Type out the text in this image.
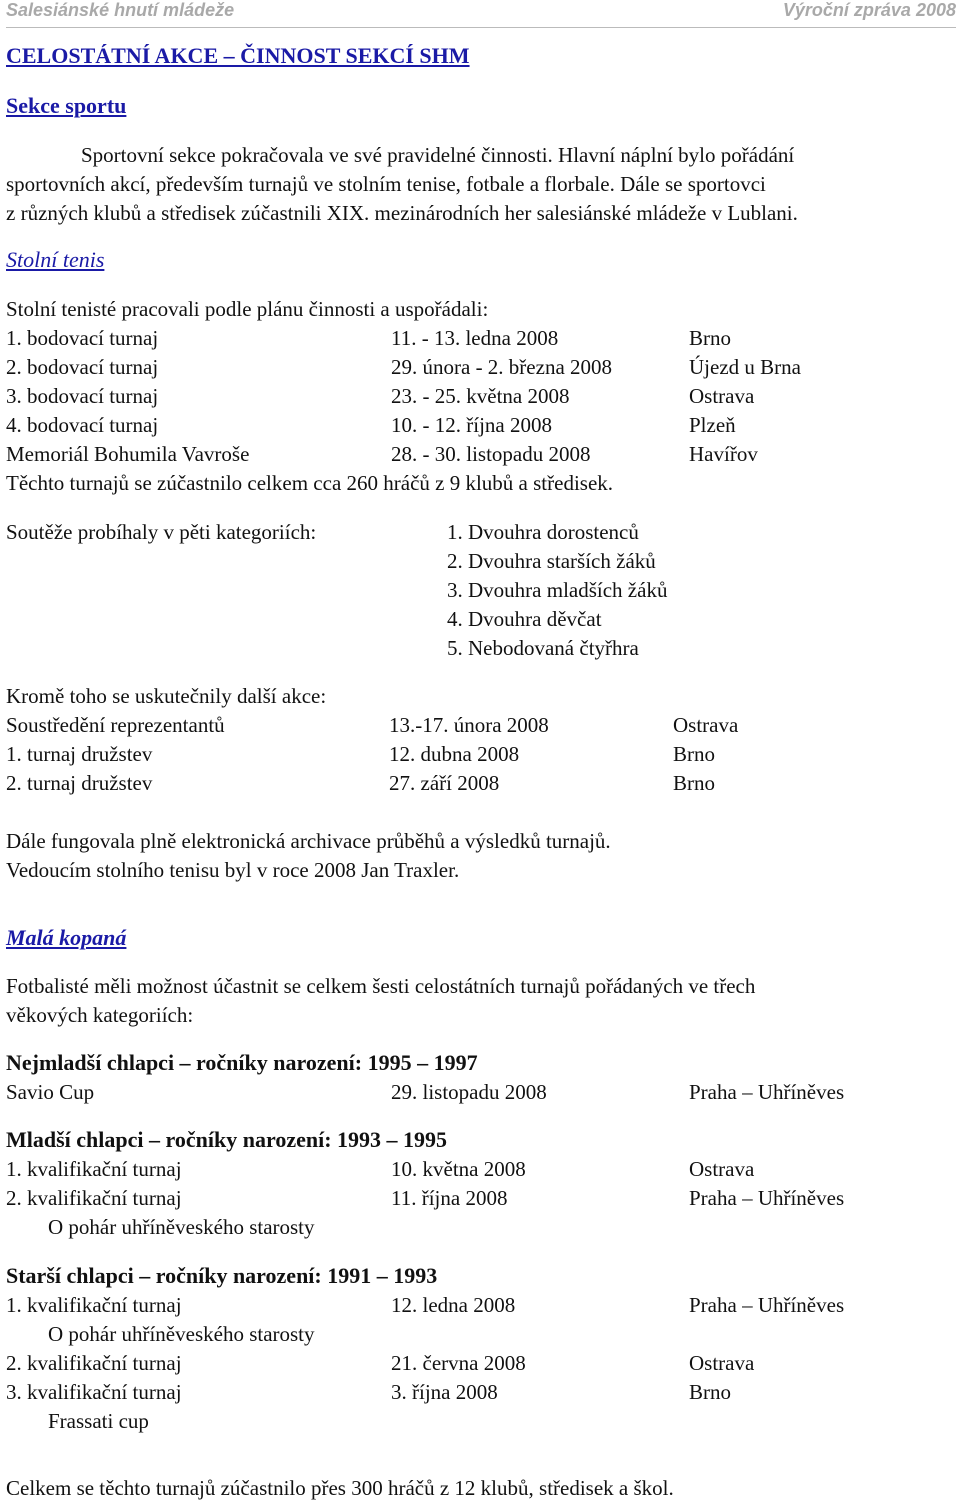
Salesiánské hnutí mládeže	Výroční zpráva 2008
CELOSTÁTNÍ AKCE – ČINNOST SEKCÍ SHM
Sekce sportu
Sportovní sekce pokračovala ve své pravidelné činnosti. Hlavní náplní bylo pořádání
sportovních akcí, především turnajů ve stolním tenise, fotbale a florbale. Dále se sportovci
z různých klubů a středisek zúčastnili XIX. mezinárodních her salesiánské mládeže v Lublani.
Stolní tenis
Stolní tenisté pracovali podle plánu činnosti a uspořádali:
1. bodovací turnaj	11. - 13. ledna 2008	Brno
2. bodovací turnaj	29. února - 2. března 2008	Újezd u Brna
3. bodovací turnaj	23. - 25. května 2008	Ostrava
4. bodovací turnaj	10. - 12. října 2008	Plzeň
Memoriál Bohumila Vavroše	28. - 30. listopadu 2008	Havířov
Těchto turnajů se zúčastnilo celkem cca 260 hráčů z 9 klubů a středisek.
Soutěže probíhaly v pěti kategoriích:	1. Dvouhra dorostenců
2. Dvouhra starších žáků
3. Dvouhra mladších žáků
4. Dvouhra děvčat
5. Nebodovaná čtyřhra
Kromě toho se uskutečnily další akce:
Soustředění reprezentantů	13.-17. února 2008	Ostrava
1. turnaj družstev	12. dubna 2008	Brno
2. turnaj družstev	27. září 2008	Brno
Dále fungovala plně elektronická archivace průběhů a výsledků turnajů.
Vedoucím stolního tenisu byl v roce 2008 Jan Traxler.
Malá kopaná
Fotbalisté měli možnost účastnit se celkem šesti celostátních turnajů pořádaných ve třech
věkových kategoriích:
Nejmladší chlapci – ročníky narození: 1995 – 1997
Savio Cup	29. listopadu 2008	Praha – Uhříněves
Mladší chlapci – ročníky narození: 1993 – 1995
1. kvalifikační turnaj	10. května 2008	Ostrava
2. kvalifikační turnaj	11. října 2008	Praha – Uhříněves
O pohár uhříněveského starosty
Starší chlapci – ročníky narození: 1991 – 1993
1. kvalifikační turnaj	12. ledna 2008	Praha – Uhříněves
O pohár uhříněveského starosty
2. kvalifikační turnaj	21. června 2008	Ostrava
3. kvalifikační turnaj	3. října 2008	Brno
Frassati cup
Celkem se těchto turnajů zúčastnilo přes 300 hráčů z 12 klubů, středisek a škol.
